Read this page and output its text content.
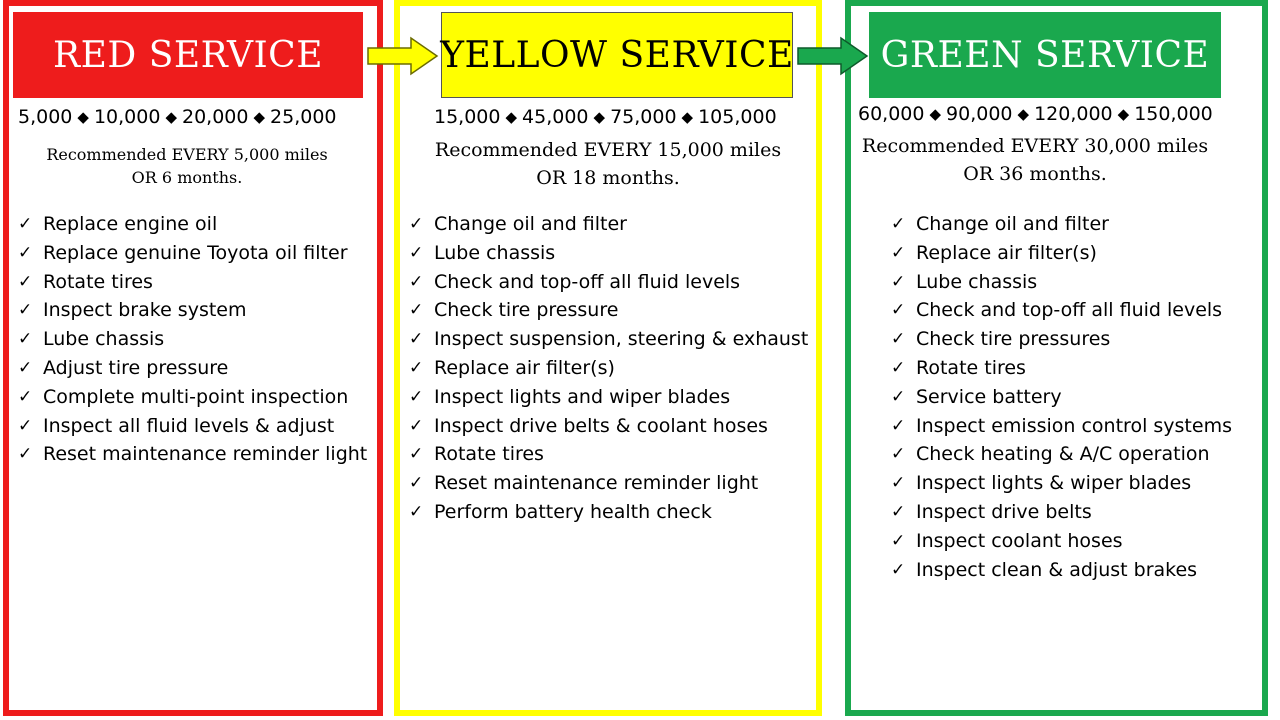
RED SERVICE	YELLOW SERVICE	GREEN SERVICE
5,000 ◆ 10,000 ◆ 20,000 ◆ 25,000	15,000 ◆ 45,000 ◆ 75,000 ◆ 105,000	60,000 ◆ 90,000 ◆ 120,000 ◆ 150,000
Recommended EVERY 5,000 miles
OR 6 months.
Recommended EVERY 15,000 miles
OR 18 months.
Recommended EVERY 30,000 miles
OR 36 months.
✓ Replace engine oil
✓ Replace genuine Toyota oil filter
✓ Rotate tires
✓ Inspect brake system
✓ Lube chassis
✓ Adjust tire pressure
✓ Complete multi-point inspection
✓ Inspect all fluid levels & adjust
✓ Reset maintenance reminder light
✓ Change oil and filter
✓ Lube chassis
✓ Check and top-off all fluid levels
✓ Check tire pressure
✓ Inspect suspension, steering & exhaust
✓ Replace air filter(s)
✓ Inspect lights and wiper blades
✓ Inspect drive belts & coolant hoses
✓ Rotate tires
✓ Reset maintenance reminder light
✓ Perform battery health check
✓ Change oil and filter
✓ Replace air filter(s)
✓ Lube chassis
✓ Check and top-off all fluid levels
✓ Check tire pressures
✓ Rotate tires
✓ Service battery
✓ Inspect emission control systems
✓ Check heating & A/C operation
✓ Inspect lights & wiper blades
✓ Inspect drive belts
✓ Inspect coolant hoses
✓ Inspect clean & adjust brakes
